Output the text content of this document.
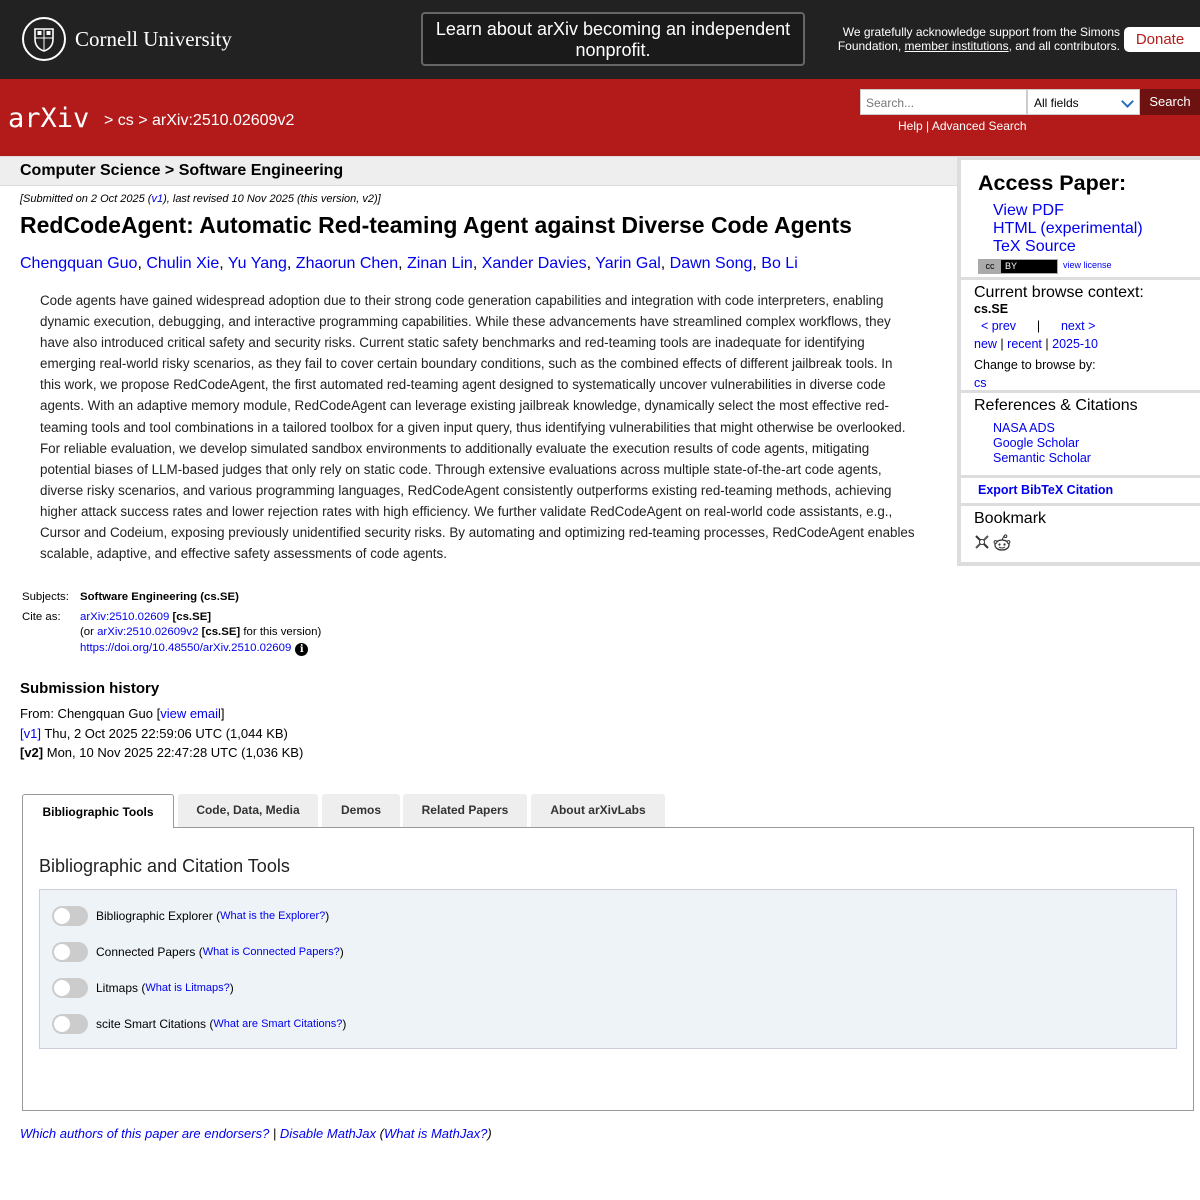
Cornell University	Learn about arXiv becoming an independent nonprofit.
We gratefully acknowledge support from the Simons Foundation, member institutions, and all contributors.	Donate
arXiv > cs > arXiv:2510.02609v2
Search...	All fields	Search
Help | Advanced Search
Computer Science > Software Engineering
[Submitted on 2 Oct 2025 (v1), last revised 10 Nov 2025 (this version, v2)]
RedCodeAgent: Automatic Red-teaming Agent against Diverse Code Agents
Chengquan Guo, Chulin Xie, Yu Yang, Zhaorun Chen, Zinan Lin, Xander Davies, Yarin Gal, Dawn Song, Bo Li

Code agents have gained widespread adoption due to their strong code generation capabilities and integration with code interpreters, enabling dynamic execution, debugging, and interactive programming capabilities. While these advancements have streamlined complex workflows, they have also introduced critical safety and security risks. Current static safety benchmarks and red-teaming tools are inadequate for identifying emerging real-world risky scenarios, as they fail to cover certain boundary conditions, such as the combined effects of different jailbreak tools. In this work, we propose RedCodeAgent, the first automated red-teaming agent designed to systematically uncover vulnerabilities in diverse code agents. With an adaptive memory module, RedCodeAgent can leverage existing jailbreak knowledge, dynamically select the most effective red-teaming tools and tool combinations in a tailored toolbox for a given input query, thus identifying vulnerabilities that might otherwise be overlooked. For reliable evaluation, we develop simulated sandbox environments to additionally evaluate the execution results of code agents, mitigating potential biases of LLM-based judges that only rely on static code. Through extensive evaluations across multiple state-of-the-art code agents, diverse risky scenarios, and various programming languages, RedCodeAgent consistently outperforms existing red-teaming methods, achieving higher attack success rates and lower rejection rates with high efficiency. We further validate RedCodeAgent on real-world code assistants, e.g., Cursor and Codeium, exposing previously unidentified security risks. By automating and optimizing red-teaming processes, RedCodeAgent enables scalable, adaptive, and effective safety assessments of code agents.

Subjects:	Software Engineering (cs.SE)
Cite as:	arXiv:2510.02609 [cs.SE]
(or arXiv:2510.02609v2 [cs.SE] for this version)
https://doi.org/10.48550/arXiv.2510.02609 i
Submission history
From: Chengquan Guo [view email]
[v1] Thu, 2 Oct 2025 22:59:06 UTC (1,044 KB)
[v2] Mon, 10 Nov 2025 22:47:28 UTC (1,036 KB)
Bibliographic Tools	Code, Data, Media	Demos	Related Papers	About arXivLabs
Bibliographic and Citation Tools
Bibliographic Explorer ( What is the Explorer? )
Connected Papers ( What is Connected Papers? )
Litmaps ( What is Litmaps? )
scite Smart Citations ( What are Smart Citations? )
Which authors of this paper are endorsers? | Disable MathJax (What is MathJax?)
Access Paper:
View PDF
HTML (experimental)
TeX Source
cc BY	view license
Current browse context:
cs.SE
< prev | next >
new | recent | 2025-10
Change to browse by:
cs
References & Citations
NASA ADS
Google Scholar
Semantic Scholar
Export BibTeX Citation
Bookmark
